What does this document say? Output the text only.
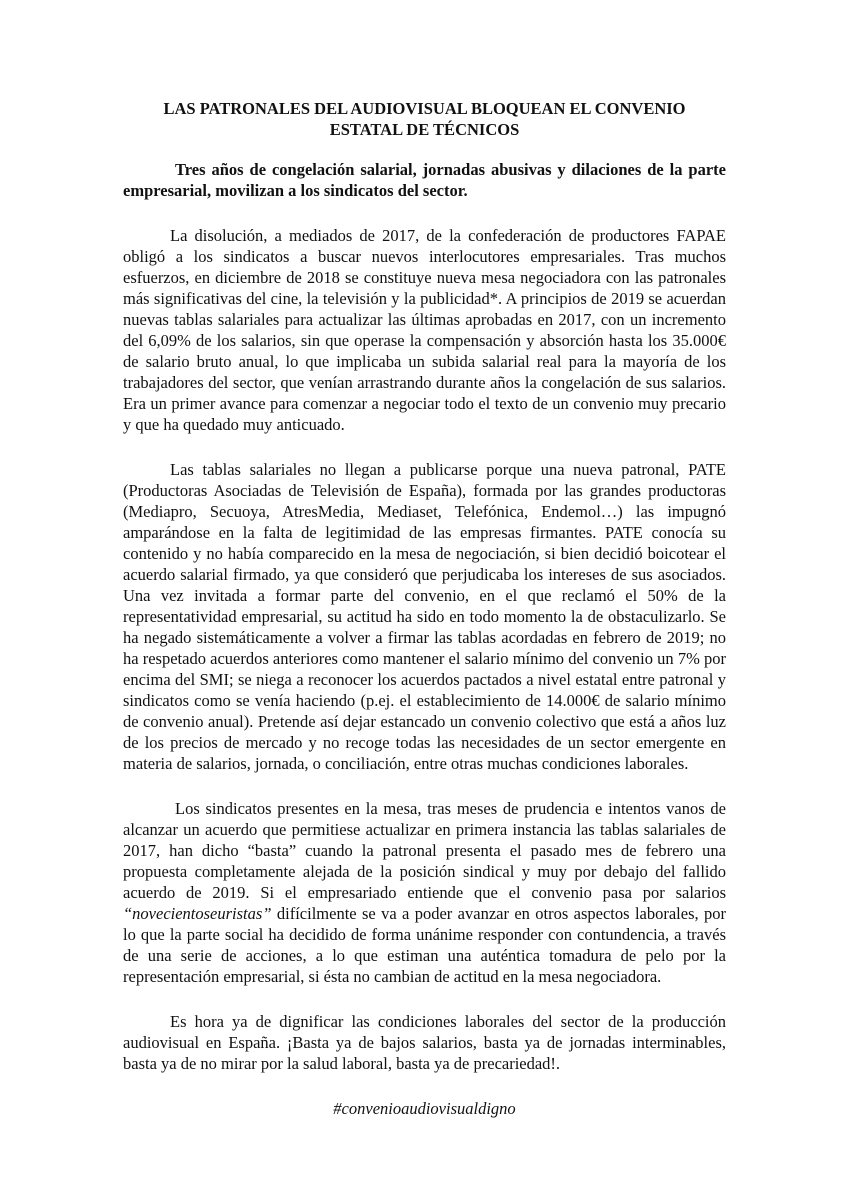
LAS PATRONALES DEL AUDIOVISUAL BLOQUEAN EL CONVENIO
ESTATAL DE TÉCNICOS

Tres años de congelación salarial, jornadas abusivas y dilaciones de la parte empresarial, movilizan a los sindicatos del sector.

La disolución, a mediados de 2017, de la confederación de productores FAPAE obligó a los sindicatos a buscar nuevos interlocutores empresariales. Tras muchos esfuerzos, en diciembre de 2018 se constituye nueva mesa negociadora con las patronales más significativas del cine, la televisión y la publicidad*. A principios de 2019 se acuerdan nuevas tablas salariales para actualizar las últimas aprobadas en 2017, con un incremento del 6,09% de los salarios, sin que operase la compensación y absorción hasta los 35.000€ de salario bruto anual, lo que implicaba un subida salarial real para la mayoría de los trabajadores del sector, que venían arrastrando durante años la congelación de sus salarios. Era un primer avance para comenzar a negociar todo el texto de un convenio muy precario y que ha quedado muy anticuado.

Las tablas salariales no llegan a publicarse porque una nueva patronal, PATE (Productoras Asociadas de Televisión de España), formada por las grandes productoras (Mediapro, Secuoya, AtresMedia, Mediaset, Telefónica, Endemol…) las impugnó amparándose en la falta de legitimidad de las empresas firmantes. PATE conocía su contenido y no había comparecido en la mesa de negociación, si bien decidió boicotear el acuerdo salarial firmado, ya que consideró que perjudicaba los intereses de sus asociados. Una vez invitada a formar parte del convenio, en el que reclamó el 50% de la representatividad empresarial, su actitud ha sido en todo momento la de obstaculizarlo. Se ha negado sistemáticamente a volver a firmar las tablas acordadas en febrero de 2019; no ha respetado acuerdos anteriores como mantener el salario mínimo del convenio un 7% por encima del SMI; se niega a reconocer los acuerdos pactados a nivel estatal entre patronal y sindicatos como se venía haciendo (p.ej. el establecimiento de 14.000€ de salario mínimo de convenio anual). Pretende así dejar estancado un convenio colectivo que está a años luz de los precios de mercado y no recoge todas las necesidades de un sector emergente en materia de salarios, jornada, o conciliación, entre otras muchas condiciones laborales.

Los sindicatos presentes en la mesa, tras meses de prudencia e intentos vanos de alcanzar un acuerdo que permitiese actualizar en primera instancia las tablas salariales de 2017, han dicho “basta” cuando la patronal presenta el pasado mes de febrero una propuesta completamente alejada de la posición sindical y muy por debajo del fallido acuerdo de 2019. Si el empresariado entiende que el convenio pasa por salarios “novecientoseuristas” difícilmente se va a poder avanzar en otros aspectos laborales, por lo que la parte social ha decidido de forma unánime responder con contundencia, a través de una serie de acciones, a lo que estiman una auténtica tomadura de pelo por la representación empresarial, si ésta no cambian de actitud en la mesa negociadora.

Es hora ya de dignificar las condiciones laborales del sector de la producción audiovisual en España. ¡Basta ya de bajos salarios, basta ya de jornadas interminables, basta ya de no mirar por la salud laboral, basta ya de precariedad!.

#convenioaudiovisualdigno
